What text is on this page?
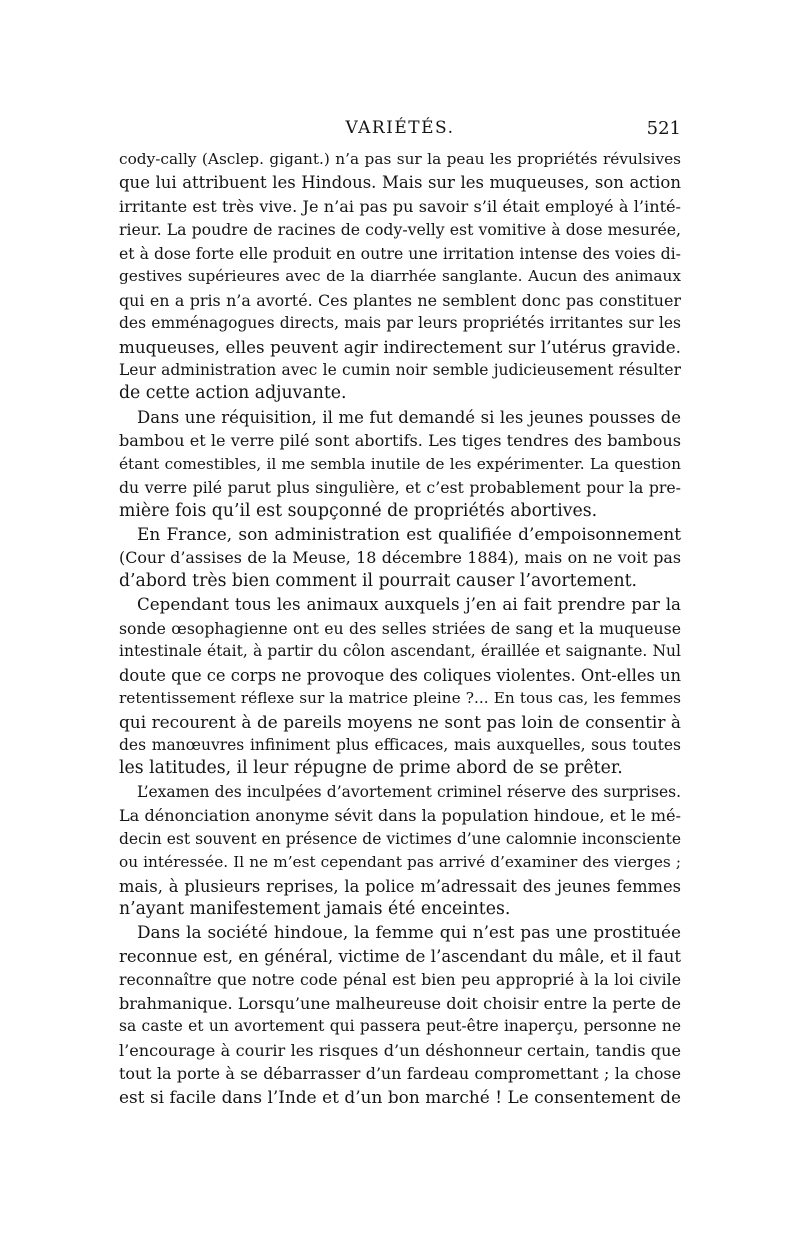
VARIÉTÉS.	521
cody-cally (Asclep. gigant.) n’a pas sur la peau les propriétés révulsives
que lui attribuent les Hindous. Mais sur les muqueuses, son action
irritante est très vive. Je n’ai pas pu savoir s’il était employé à l’inté-
rieur. La poudre de racines de cody-velly est vomitive à dose mesurée,
et à dose forte elle produit en outre une irritation intense des voies di-
gestives supérieures avec de la diarrhée sanglante. Aucun des animaux
qui en a pris n’a avorté. Ces plantes ne semblent donc pas constituer
des emménagogues directs, mais par leurs propriétés irritantes sur les
muqueuses, elles peuvent agir indirectement sur l’utérus gravide.
Leur administration avec le cumin noir semble judicieusement résulter
de cette action adjuvante.
Dans une réquisition, il me fut demandé si les jeunes pousses de
bambou et le verre pilé sont abortifs. Les tiges tendres des bambous
étant comestibles, il me sembla inutile de les expérimenter. La question
du verre pilé parut plus singulière, et c’est probablement pour la pre-
mière fois qu’il est soupçonné de propriétés abortives.
En France, son administration est qualifiée d’empoisonnement
(Cour d’assises de la Meuse, 18 décembre 1884), mais on ne voit pas
d’abord très bien comment il pourrait causer l’avortement.
Cependant tous les animaux auxquels j’en ai fait prendre par la
sonde œsophagienne ont eu des selles striées de sang et la muqueuse
intestinale était, à partir du côlon ascendant, éraillée et saignante. Nul
doute que ce corps ne provoque des coliques violentes. Ont-elles un
retentissement réflexe sur la matrice pleine ?... En tous cas, les femmes
qui recourent à de pareils moyens ne sont pas loin de consentir à
des manœuvres infiniment plus efficaces, mais auxquelles, sous toutes
les latitudes, il leur répugne de prime abord de se prêter.
L’examen des inculpées d’avortement criminel réserve des surprises.
La dénonciation anonyme sévit dans la population hindoue, et le mé-
decin est souvent en présence de victimes d’une calomnie inconsciente
ou intéressée. Il ne m’est cependant pas arrivé d’examiner des vierges ;
mais, à plusieurs reprises, la police m’adressait des jeunes femmes
n’ayant manifestement jamais été enceintes.
Dans la société hindoue, la femme qui n’est pas une prostituée
reconnue est, en général, victime de l’ascendant du mâle, et il faut
reconnaître que notre code pénal est bien peu approprié à la loi civile
brahmanique. Lorsqu’une malheureuse doit choisir entre la perte de
sa caste et un avortement qui passera peut-être inaperçu, personne ne
l’encourage à courir les risques d’un déshonneur certain, tandis que
tout la porte à se débarrasser d’un fardeau compromettant ; la chose
est si facile dans l’Inde et d’un bon marché ! Le consentement de
